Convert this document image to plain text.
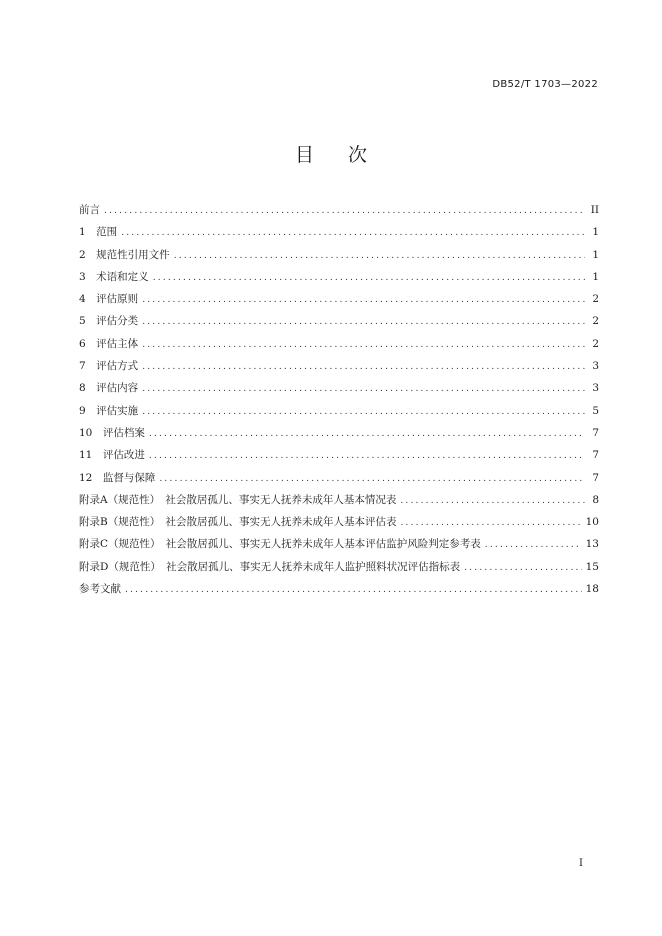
DB52/T 1703—2022
目 次
前言 .....	II
1　范围 .....	1
2　规范性引用文件 .....	1
3　术语和定义 .....	1
4　评估原则 .....	2
5　评估分类 .....	2
6　评估主体 .....	2
7　评估方式 .....	3
8　评估内容 .....	3
9　评估实施 .....	5
10　评估档案 .....	7
11　评估改进 .....	7
12　监督与保障 .....	7
附录A（规范性）　社会散居孤儿、事实无人抚养未成年人基本情况表 .....	8
附录B（规范性）　社会散居孤儿、事实无人抚养未成年人基本评估表 .....	10
附录C（规范性）　社会散居孤儿、事实无人抚养未成年人基本评估监护风险判定参考表 .....	13
附录D（规范性）　社会散居孤儿、事实无人抚养未成年人监护照料状况评估指标表 .....	15
参考文献 .....	18
I
